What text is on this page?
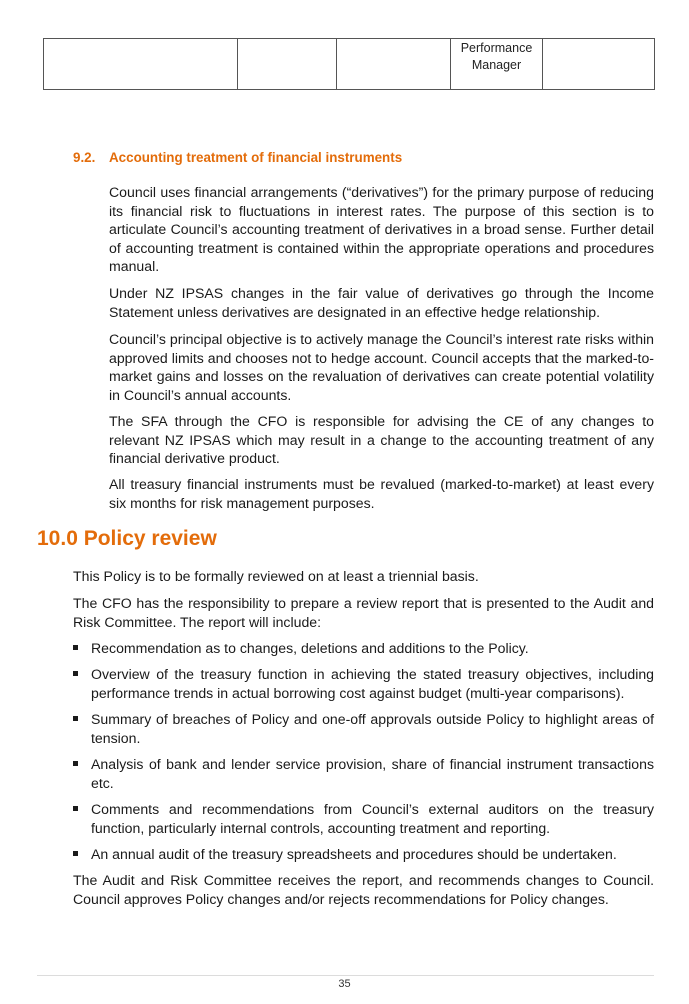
			Performance Manager	
9.2. Accounting treatment of financial instruments

Council uses financial arrangements (“derivatives”) for the primary purpose of reducing its financial risk to fluctuations in interest rates. The purpose of this section is to articulate Council’s accounting treatment of derivatives in a broad sense. Further detail of accounting treatment is contained within the appropriate operations and procedures manual.

Under NZ IPSAS changes in the fair value of derivatives go through the Income Statement unless derivatives are designated in an effective hedge relationship.

Council’s principal objective is to actively manage the Council’s interest rate risks within approved limits and chooses not to hedge account. Council accepts that the marked-to-market gains and losses on the revaluation of derivatives can create potential volatility in Council’s annual accounts.

The SFA through the CFO is responsible for advising the CE of any changes to relevant NZ IPSAS which may result in a change to the accounting treatment of any financial derivative product.

All treasury financial instruments must be revalued (marked-to-market) at least every six months for risk management purposes.

10.0 Policy review

This Policy is to be formally reviewed on at least a triennial basis.

The CFO has the responsibility to prepare a review report that is presented to the Audit and Risk Committee. The report will include:

Recommendation as to changes, deletions and additions to the Policy.

Overview of the treasury function in achieving the stated treasury objectives, including performance trends in actual borrowing cost against budget (multi-year comparisons).

Summary of breaches of Policy and one-off approvals outside Policy to highlight areas of tension.

Analysis of bank and lender service provision, share of financial instrument transactions etc.

Comments and recommendations from Council’s external auditors on the treasury function, particularly internal controls, accounting treatment and reporting.

An annual audit of the treasury spreadsheets and procedures should be undertaken.

The Audit and Risk Committee receives the report, and recommends changes to Council. Council approves Policy changes and/or rejects recommendations for Policy changes.

35
